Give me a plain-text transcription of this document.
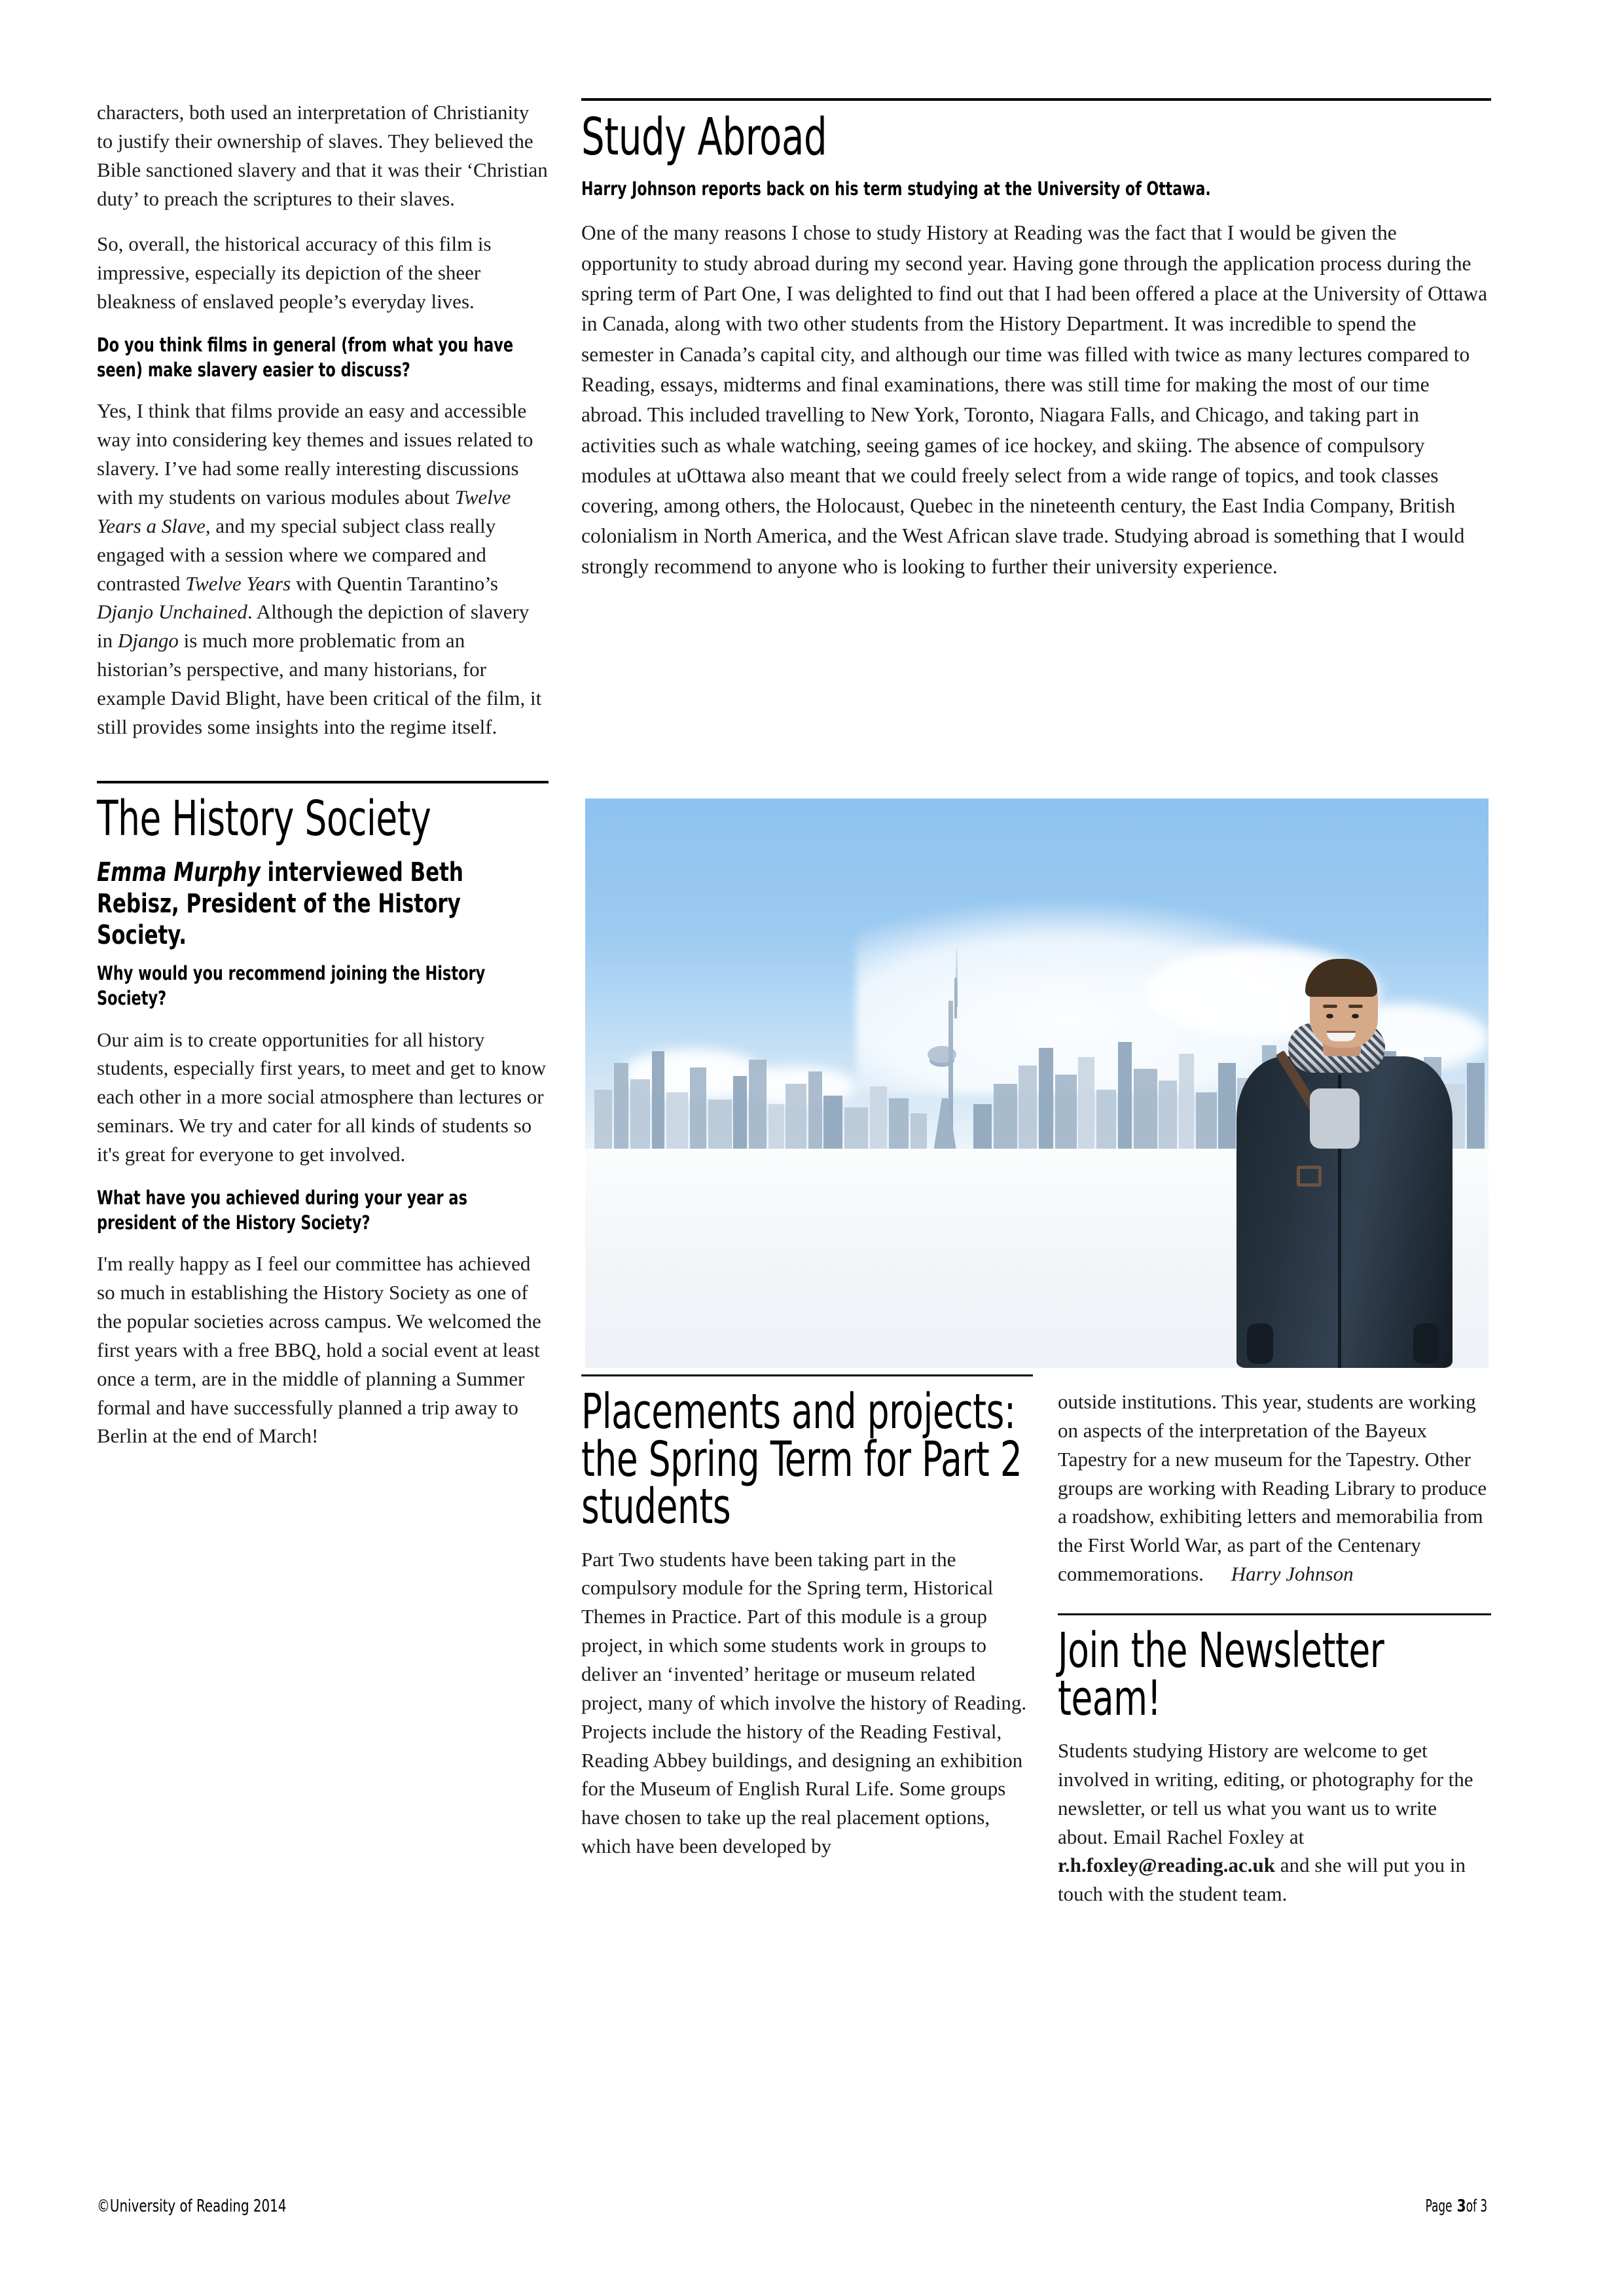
characters, both used an interpretation of Christianity to justify their ownership of slaves. They believed the Bible sanctioned slavery and that it was their ‘Christian duty’ to preach the scriptures to their slaves.

So, overall, the historical accuracy of this film is impressive, especially its depiction of the sheer bleakness of enslaved people’s everyday lives.

Do you think films in general (from what you have seen) make slavery easier to discuss?

Yes, I think that films provide an easy and accessible way into considering key themes and issues related to slavery. I’ve had some really interesting discussions with my students on various modules about Twelve Years a Slave, and my special subject class really engaged with a session where we compared and contrasted Twelve Years with Quentin Tarantino’s Djanjo Unchained. Although the depiction of slavery in Django is much more problematic from an historian’s perspective, and many historians, for example David Blight, have been critical of the film, it still provides some insights into the regime itself.

The History Society
Emma Murphy interviewed Beth Rebisz, President of the History Society.
Why would you recommend joining the History Society?

Our aim is to create opportunities for all history students, especially first years, to meet and get to know each other in a more social atmosphere than lectures or seminars. We try and cater for all kinds of students so it's great for everyone to get involved.

What have you achieved during your year as president of the History Society?

I'm really happy as I feel our committee has achieved so much in establishing the History Society as one of the popular societies across campus. We welcomed the first years with a free BBQ, hold a social event at least once a term, are in the middle of planning a Summer formal and have successfully planned a trip away to Berlin at the end of March!

Study Abroad
Harry Johnson reports back on his term studying at the University of Ottawa.

One of the many reasons I chose to study History at Reading was the fact that I would be given the opportunity to study abroad during my second year. Having gone through the application process during the spring term of Part One, I was delighted to find out that I had been offered a place at the University of Ottawa in Canada, along with two other students from the History Department. It was incredible to spend the semester in Canada’s capital city, and although our time was filled with twice as many lectures compared to Reading, essays, midterms and final examinations, there was still time for making the most of our time abroad. This included travelling to New York, Toronto, Niagara Falls, and Chicago, and taking part in activities such as whale watching, seeing games of ice hockey, and skiing. The absence of compulsory modules at uOttawa also meant that we could freely select from a wide range of topics, and took classes covering, among others, the Holocaust, Quebec in the nineteenth century, the East India Company, British colonialism in North America, and the West African slave trade. Studying abroad is something that I would strongly recommend to anyone who is looking to further their university experience.

Placements and projects: the Spring Term for Part 2 students

Part Two students have been taking part in the compulsory module for the Spring term, Historical Themes in Practice. Part of this module is a group project, in which some students work in groups to deliver an ‘invented’ heritage or museum related project, many of which involve the history of Reading. Projects include the history of the Reading Festival, Reading Abbey buildings, and designing an exhibition for the Museum of English Rural Life. Some groups have chosen to take up the real placement options, which have been developed by

outside institutions. This year, students are working on aspects of the interpretation of the Bayeux Tapestry for a new museum for the Tapestry. Other groups are working with Reading Library to produce a roadshow, exhibiting letters and memorabilia from the First World War, as part of the Centenary commemorations. Harry Johnson

Join the Newsletter team!

Students studying History are welcome to get involved in writing, editing, or photography for the newsletter, or tell us what you want us to write about. Email Rachel Foxley at r.h.foxley@reading.ac.uk and she will put you in touch with the student team.

©University of Reading 2014	Page3of 3
